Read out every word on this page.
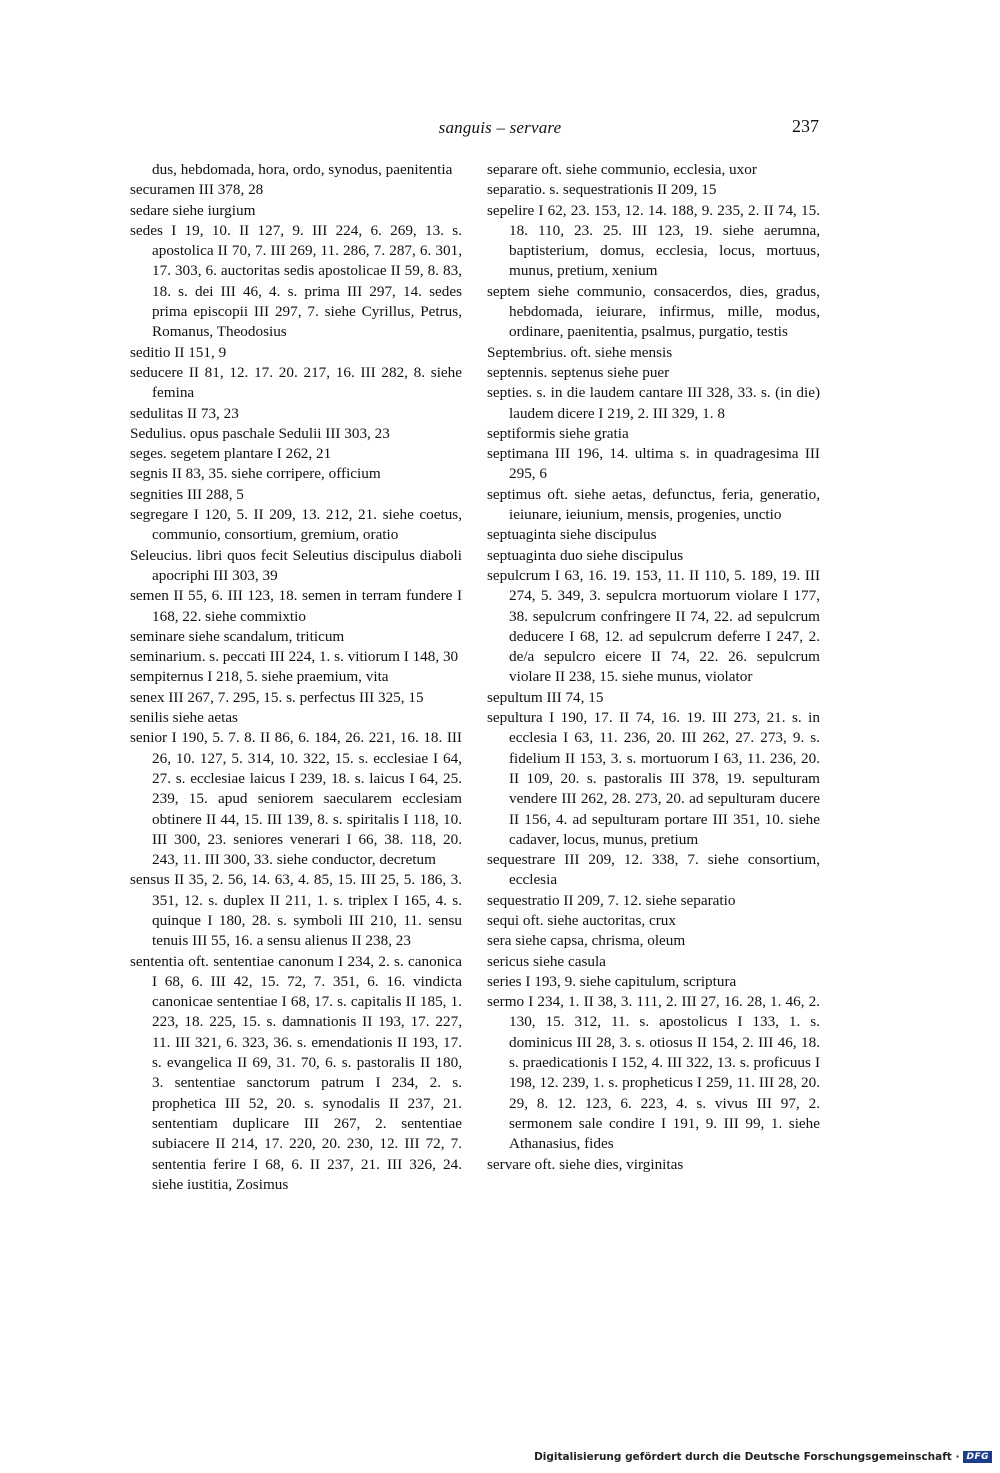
sanguis – servare	237

dus, hebdomada, hora, ordo, synodus, paenitentia

securamen III 378, 28

sedare siehe iurgium

sedes I 19, 10. II 127, 9. III 224, 6. 269, 13. s. apostolica II 70, 7. III 269, 11. 286, 7. 287, 6. 301, 17. 303, 6. auctoritas sedis apostolicae II 59, 8. 83, 18. s. dei III 46, 4. s. prima III 297, 14. sedes prima episcopii III 297, 7. siehe Cyrillus, Petrus, Romanus, Theodosius

seditio II 151, 9

seducere II 81, 12. 17. 20. 217, 16. III 282, 8. siehe femina

sedulitas II 73, 23

Sedulius. opus paschale Sedulii III 303, 23

seges. segetem plantare I 262, 21

segnis II 83, 35. siehe corripere, officium

segnities III 288, 5

segregare I 120, 5. II 209, 13. 212, 21. siehe coetus, communio, consortium, gremium, oratio

Seleucius. libri quos fecit Seleutius discipulus diaboli apocriphi III 303, 39

semen II 55, 6. III 123, 18. semen in terram fundere I 168, 22. siehe commixtio

seminare siehe scandalum, triticum

seminarium. s. peccati III 224, 1. s. vitiorum I 148, 30

sempiternus I 218, 5. siehe praemium, vita

senex III 267, 7. 295, 15. s. perfectus III 325, 15

senilis siehe aetas

senior I 190, 5. 7. 8. II 86, 6. 184, 26. 221, 16. 18. III 26, 10. 127, 5. 314, 10. 322, 15. s. ecclesiae I 64, 27. s. ecclesiae laicus I 239, 18. s. laicus I 64, 25. 239, 15. apud seniorem saecularem ecclesiam obtinere II 44, 15. III 139, 8. s. spiritalis I 118, 10. III 300, 23. seniores venerari I 66, 38. 118, 20. 243, 11. III 300, 33. siehe conductor, decretum

sensus II 35, 2. 56, 14. 63, 4. 85, 15. III 25, 5. 186, 3. 351, 12. s. duplex II 211, 1. s. triplex I 165, 4. s. quinque I 180, 28. s. symboli III 210, 11. sensu tenuis III 55, 16. a sensu alienus II 238, 23

sententia oft. sententiae canonum I 234, 2. s. canonica I 68, 6. III 42, 15. 72, 7. 351, 6. 16. vindicta canonicae sententiae I 68, 17. s. capitalis II 185, 1. 223, 18. 225, 15. s. damnationis II 193, 17. 227, 11. III 321, 6. 323, 36. s. emendationis II 193, 17. s. evangelica II 69, 31. 70, 6. s. pastoralis II 180, 3. sententiae sanctorum patrum I 234, 2. s. prophetica III 52, 20. s. synodalis II 237, 21. sententiam duplicare III 267, 2. sententiae subiacere II 214, 17. 220, 20. 230, 12. III 72, 7. sententia ferire I 68, 6. II 237, 21. III 326, 24. siehe iustitia, Zosimus

separare oft. siehe communio, ecclesia, uxor

separatio. s. sequestrationis II 209, 15

sepelire I 62, 23. 153, 12. 14. 188, 9. 235, 2. II 74, 15. 18. 110, 23. 25. III 123, 19. siehe aerumna, baptisterium, domus, ecclesia, locus, mortuus, munus, pretium, xenium

septem siehe communio, consacerdos, dies, gradus, hebdomada, ieiurare, infirmus, mille, modus, ordinare, paenitentia, psalmus, purgatio, testis

Septembrius. oft. siehe mensis

septennis. septenus siehe puer

septies. s. in die laudem cantare III 328, 33. s. (in die) laudem dicere I 219, 2. III 329, 1. 8

septiformis siehe gratia

septimana III 196, 14. ultima s. in quadragesima III 295, 6

septimus oft. siehe aetas, defunctus, feria, generatio, ieiunare, ieiunium, mensis, progenies, unctio

septuaginta siehe discipulus

septuaginta duo siehe discipulus

sepulcrum I 63, 16. 19. 153, 11. II 110, 5. 189, 19. III 274, 5. 349, 3. sepulcra mortuorum violare I 177, 38. sepulcrum confringere II 74, 22. ad sepulcrum deducere I 68, 12. ad sepulcrum deferre I 247, 2. de/a sepulcro eicere II 74, 22. 26. sepulcrum violare II 238, 15. siehe munus, violator

sepultum III 74, 15

sepultura I 190, 17. II 74, 16. 19. III 273, 21. s. in ecclesia I 63, 11. 236, 20. III 262, 27. 273, 9. s. fidelium II 153, 3. s. mortuorum I 63, 11. 236, 20. II 109, 20. s. pastoralis III 378, 19. sepulturam vendere III 262, 28. 273, 20. ad sepulturam ducere II 156, 4. ad sepulturam portare III 351, 10. siehe cadaver, locus, munus, pretium

sequestrare III 209, 12. 338, 7. siehe consortium, ecclesia

sequestratio II 209, 7. 12. siehe separatio

sequi oft. siehe auctoritas, crux

sera siehe capsa, chrisma, oleum

sericus siehe casula

series I 193, 9. siehe capitulum, scriptura

sermo I 234, 1. II 38, 3. 111, 2. III 27, 16. 28, 1. 46, 2. 130, 15. 312, 11. s. apostolicus I 133, 1. s. dominicus III 28, 3. s. otiosus II 154, 2. III 46, 18. s. praedicationis I 152, 4. III 322, 13. s. proficuus I 198, 12. 239, 1. s. propheticus I 259, 11. III 28, 20. 29, 8. 12. 123, 6. 223, 4. s. vivus III 97, 2. sermonem sale condire I 191, 9. III 99, 1. siehe Athanasius, fides

servare oft. siehe dies, virginitas

Digitalisierung gefördert durch die Deutsche Forschungsgemeinschaft · DFG
